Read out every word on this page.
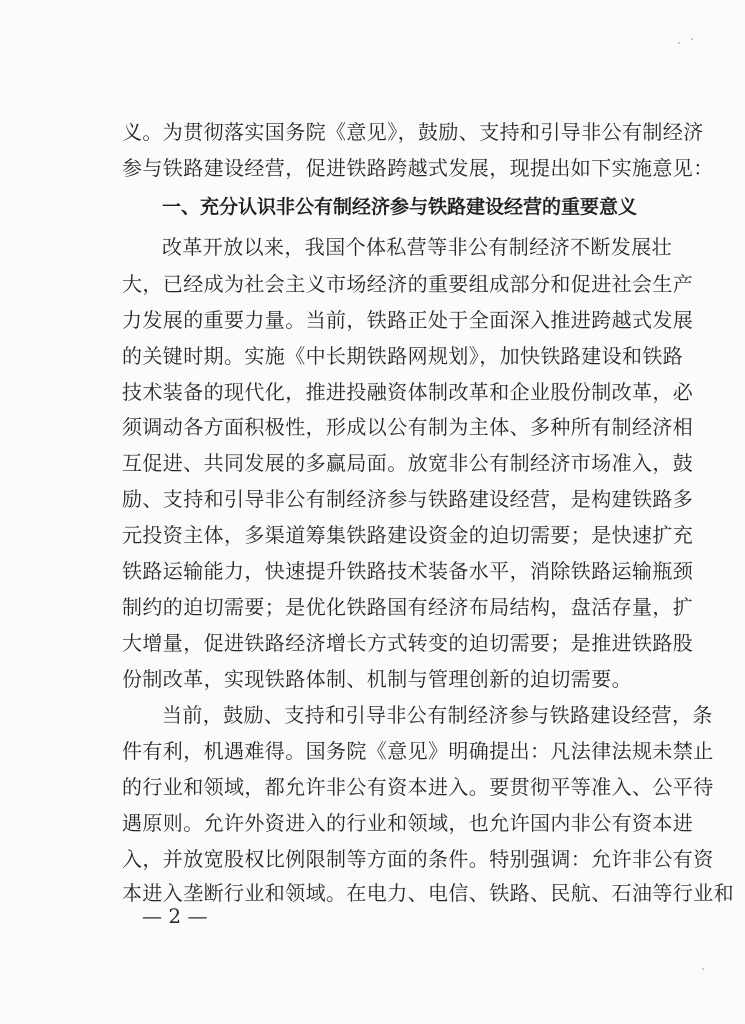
义。为贯彻落实国务院《意见》，鼓励、支持和引导非公有制经济
参与铁路建设经营，促进铁路跨越式发展，现提出如下实施意见：
一、充分认识非公有制经济参与铁路建设经营的重要意义
改革开放以来，我国个体私营等非公有制经济不断发展壮
大，已经成为社会主义市场经济的重要组成部分和促进社会生产
力发展的重要力量。当前，铁路正处于全面深入推进跨越式发展
的关键时期。实施《中长期铁路网规划》，加快铁路建设和铁路
技术装备的现代化，推进投融资体制改革和企业股份制改革，必
须调动各方面积极性，形成以公有制为主体、多种所有制经济相
互促进、共同发展的多赢局面。放宽非公有制经济市场准入，鼓
励、支持和引导非公有制经济参与铁路建设经营，是构建铁路多
元投资主体，多渠道筹集铁路建设资金的迫切需要；是快速扩充
铁路运输能力，快速提升铁路技术装备水平，消除铁路运输瓶颈
制约的迫切需要；是优化铁路国有经济布局结构，盘活存量，扩
大增量，促进铁路经济增长方式转变的迫切需要；是推进铁路股
份制改革，实现铁路体制、机制与管理创新的迫切需要。
当前，鼓励、支持和引导非公有制经济参与铁路建设经营，条
件有利，机遇难得。国务院《意见》明确提出：凡法律法规未禁止
的行业和领域，都允许非公有资本进入。要贯彻平等准入、公平待
遇原则。允许外资进入的行业和领域，也允许国内非公有资本进
入，并放宽股权比例限制等方面的条件。特别强调：允许非公有资
本进入垄断行业和领域。在电力、电信、铁路、民航、石油等行业和
— 2 —
